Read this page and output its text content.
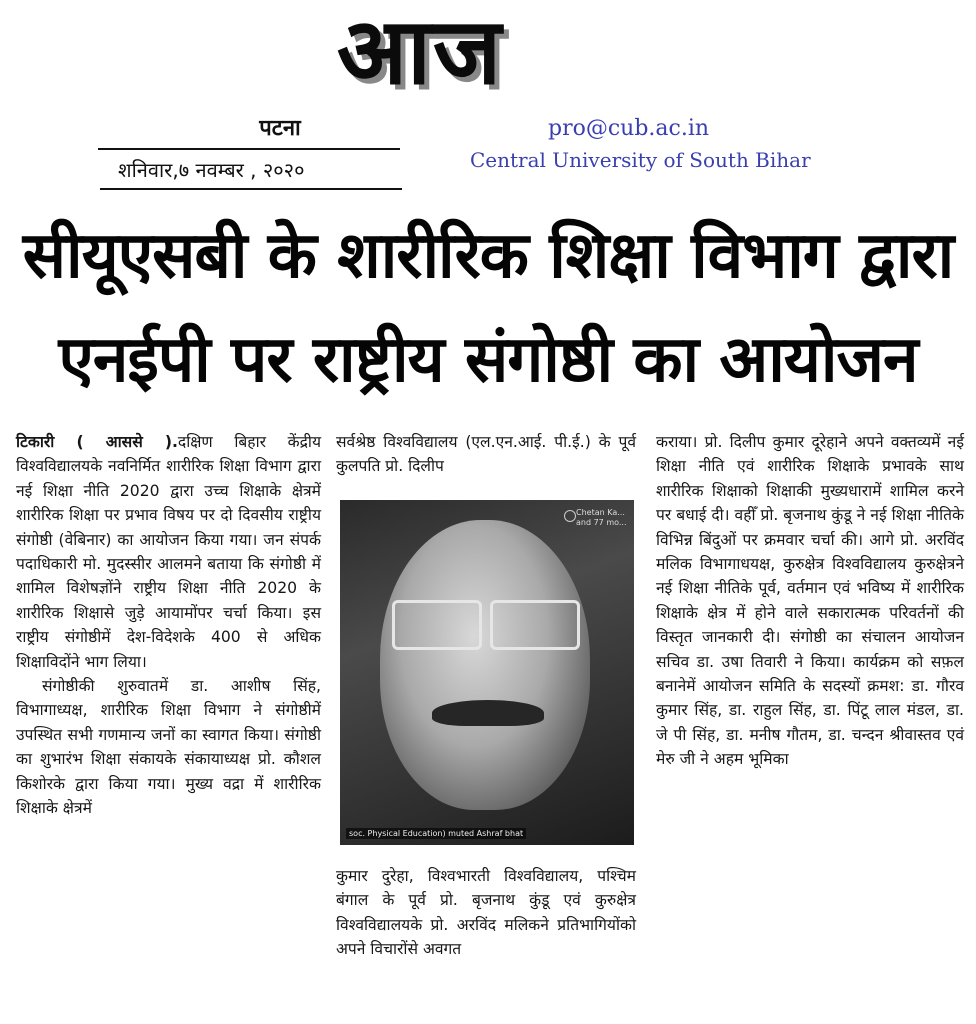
आज
पटना
शनिवार,७ नवम्बर , २०२०
pro@cub.ac.in
Central University of South Bihar
सीयूएसबी के शारीरिक शिक्षा विभाग द्वारा
एनईपी पर राष्ट्रीय संगोष्ठी का आयोजन

टिकारी ( आससे ).दक्षिण बिहार केंद्रीय विश्वविद्यालयके नवनिर्मित शारीरिक शिक्षा विभाग द्वारा नई शिक्षा नीति 2020 द्वारा उच्च शिक्षाके क्षेत्रमें शारीरिक शिक्षा पर प्रभाव विषय पर दो दिवसीय राष्ट्रीय संगोष्ठी (वेबिनार) का आयोजन किया गया। जन संपर्क पदाधिकारी मो. मुदस्सीर आलमने बताया कि संगोष्ठी में शामिल विशेषज्ञोंने राष्ट्रीय शिक्षा नीति 2020 के शारीरिक शिक्षासे जुड़े आयामोंपर चर्चा किया। इस राष्ट्रीय संगोष्ठीमें देश-विदेशके 400 से अधिक शिक्षाविदोंने भाग लिया।

संगोष्ठीकी शुरुवातमें डा. आशीष सिंह, विभागाध्यक्ष, शारीरिक शिक्षा विभाग ने संगोष्ठीमें उपस्थित सभी गणमान्य जनों का स्वागत किया। संगोष्ठी का शुभारंभ शिक्षा संकायके संकायाध्यक्ष प्रो. कौशल किशोरके द्वारा किया गया। मुख्य वद्रा में शारीरिक शिक्षाके क्षेत्रमें

सर्वश्रेष्ठ विश्वविद्यालय (एल.एन.आई. पी.ई.) के पूर्व कुलपति प्रो. दिलीप

Chetan Ka... and 77 mo...
soc. Physical Education) muted Ashraf bhat

कुमार दुरेहा, विश्वभारती विश्वविद्यालय, पश्चिम बंगाल के पूर्व प्रो. बृजनाथ कुंडू एवं कुरुक्षेत्र विश्वविद्यालयके प्रो. अरविंद मलिकने प्रतिभागियोंको अपने विचारोंसे अवगत

कराया। प्रो. दिलीप कुमार दूरेहाने अपने वक्तव्यमें नई शिक्षा नीति एवं शारीरिक शिक्षाके प्रभावके साथ शारीरिक शिक्षाको शिक्षाकी मुख्यधारामें शामिल करने पर बधाई दी। वहीँ प्रो. बृजनाथ कुंडू ने नई शिक्षा नीतिके विभिन्न बिंदुओं पर क्रमवार चर्चा की। आगे प्रो. अरविंद मलिक विभागाधयक्ष, कुरुक्षेत्र विश्वविद्यालय कुरुक्षेत्रने नई शिक्षा नीतिके पूर्व, वर्तमान एवं भविष्य में शारीरिक शिक्षाके क्षेत्र में होने वाले सकारात्मक परिवर्तनों की विस्तृत जानकारी दी। संगोष्ठी का संचालन आयोजन सचिव डा. उषा तिवारी ने किया। कार्यक्रम को सफ़ल बनानेमें आयोजन समिति के सदस्यों क्रमश: डा. गौरव कुमार सिंह, डा. राहुल सिंह, डा. पिंटू लाल मंडल, डा. जे पी सिंह, डा. मनीष गौतम, डा. चन्दन श्रीवास्तव एवं मेरु जी ने अहम भूमिका
